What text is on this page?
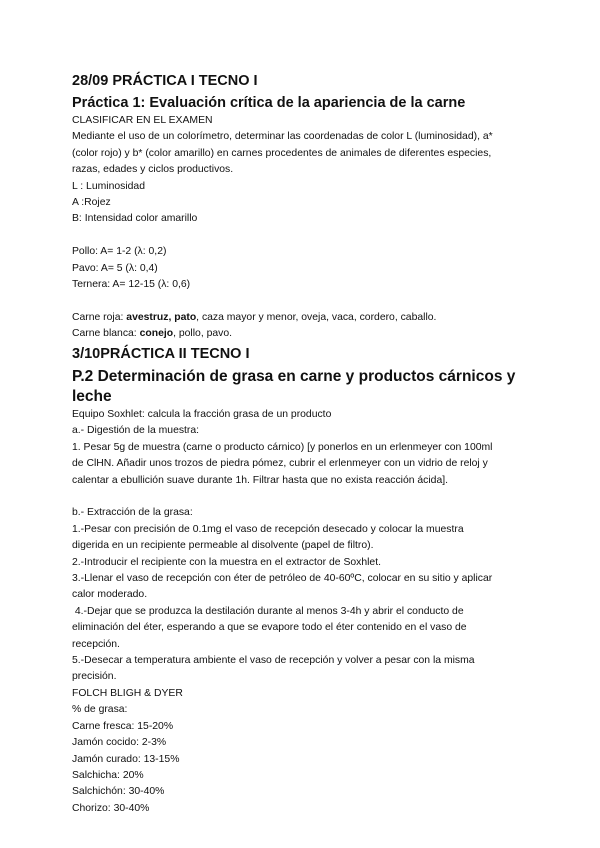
28/09 PRÁCTICA I TECNO I
Práctica 1: Evaluación crítica de la apariencia de la carne

CLASIFICAR EN EL EXAMEN

Mediante el uso de un colorímetro, determinar las coordenadas de color L (luminosidad), a*

(color rojo) y b* (color amarillo) en carnes procedentes de animales de diferentes especies,

razas, edades y ciclos productivos.

L : Luminosidad

A :Rojez

B: Intensidad color amarillo

Pollo: A= 1-2 (λ: 0,2)

Pavo: A= 5 (λ: 0,4)

Ternera: A= 12-15 (λ: 0,6)

Carne roja: avestruz, pato, caza mayor y menor, oveja, vaca, cordero, caballo.

Carne blanca: conejo, pollo, pavo.

3/10PRÁCTICA II TECNO I
P.2 Determinación de grasa en carne y productos cárnicos y
leche

Equipo Soxhlet: calcula la fracción grasa de un producto

a.- Digestión de la muestra:

1. Pesar 5g de muestra (carne o producto cárnico) [y ponerlos en un erlenmeyer con 100ml

de ClHN. Añadir unos trozos de piedra pómez, cubrir el erlenmeyer con un vidrio de reloj y

calentar a ebullición suave durante 1h. Filtrar hasta que no exista reacción ácida].

b.- Extracción de la grasa:

1.-Pesar con precisión de 0.1mg el vaso de recepción desecado y colocar la muestra

digerida en un recipiente permeable al disolvente (papel de filtro).

2.-Introducir el recipiente con la muestra en el extractor de Soxhlet.

3.-Llenar el vaso de recepción con éter de petróleo de 40-60ºC, colocar en su sitio y aplicar

calor moderado.

4.-Dejar que se produzca la destilación durante al menos 3-4h y abrir el conducto de

eliminación del éter, esperando a que se evapore todo el éter contenido en el vaso de

recepción.

5.-Desecar a temperatura ambiente el vaso de recepción y volver a pesar con la misma

precisión.

FOLCH BLIGH & DYER

% de grasa:

Carne fresca: 15-20%

Jamón cocido: 2-3%

Jamón curado: 13-15%

Salchicha: 20%

Salchichón: 30-40%

Chorizo: 30-40%
